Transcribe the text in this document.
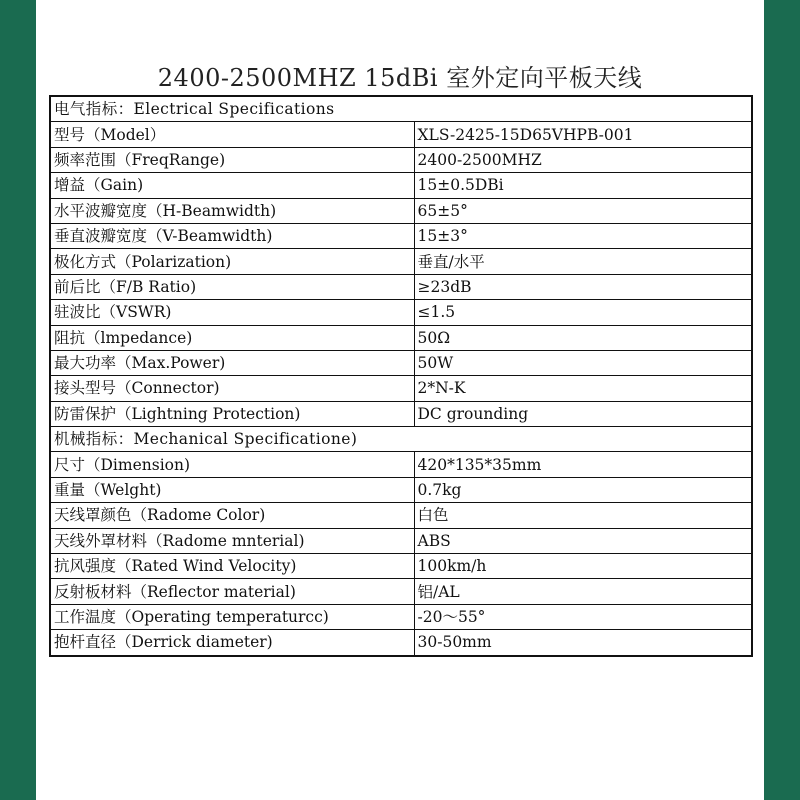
2400-2500MHZ 15dBi 室外定向平板天线
电气指标：Electrical Specifications	
型号（Model）	XLS-2425-15D65VHPB-001
频率范围（FreqRange)	2400-2500MHZ
增益（Gain)	15±0.5DBi
水平波瓣宽度（H-Beamwidth)	65±5°
垂直波瓣宽度（V-Beamwidth)	15±3°
极化方式（Polarization)	垂直/水平
前后比（F/B Ratio)	≥23dB
驻波比（VSWR)	≤1.5
阻抗（lmpedance)	50Ω
最大功率（Max.Power)	50W
接头型号（Connector)	2*N-K
防雷保护（Lightning Protection)	DC grounding
机械指标：Mechanical Specificatione)	
尺寸（Dimension)	420*135*35mm
重量（Welght)	0.7kg
天线罩颜色（Radome Color)	白色
天线外罩材料（Radome mnterial)	ABS
抗风强度（Rated Wind Velocity)	100km/h
反射板材料（Reflector material)	铝/AL
工作温度（Operating temperaturcc)	-20～55°
抱杆直径（Derrick diameter)	30-50mm
